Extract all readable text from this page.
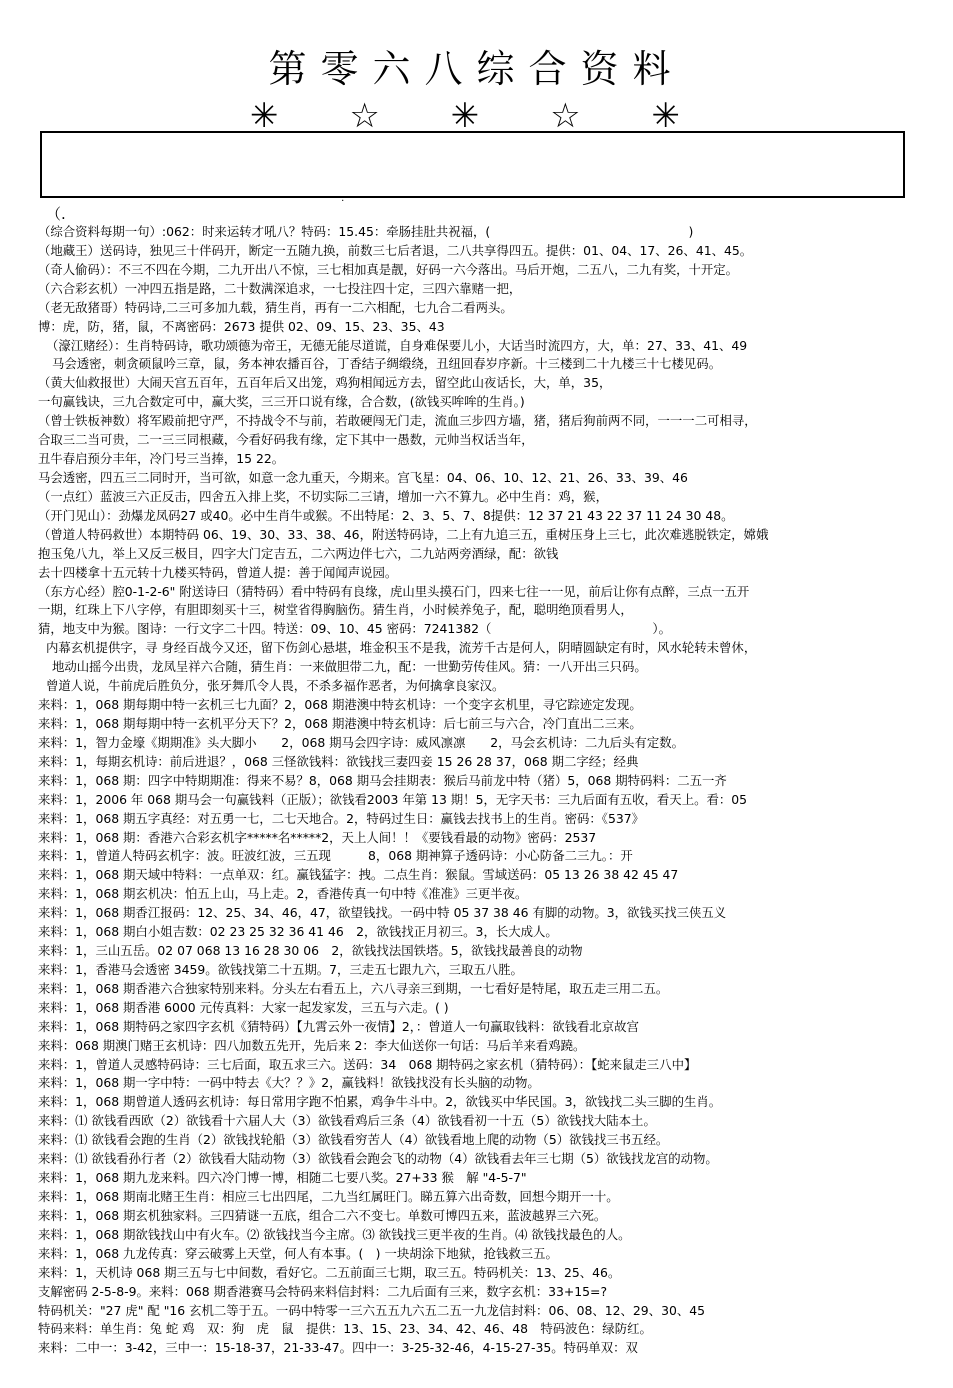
第零六八综合资料
✳ ☆ ✳ ☆ ✳
·.
（.
（综合资料每期一句）:062：时来运转才吼八？特码：15.45：牵肠挂肚共祝福，(　　　　　　　　　　　　　　　　)
（地藏王）送码诗，独见三十伴码开，断定一五随九换，前数三七后者退，二八共享得四五。提供：01、04、17、26、41、45。
（奇人偷码）：不三不四在今期，二九开出八不惊，三七相加真是靓，好码一六今落出。马后开炮，二五八，二九有奖，十开定。
（六合彩玄机）一冲四五指是路，二十数满深追求，一七投注四十定，三四六靠赌一把，
（老无敌猪哥）特码诗,二三可多加九载，猜生肖，再有一二六相配，七九合二看两头。
博：虎，防，猪，鼠，不离密码：2673 提供 02、09、15、23、35、43
（濠江赌经）：生肖特码诗，歌功颂德为帝王，无德无能尽道谎，自身难保要儿小，大话当时流四方，大，单：27、33、41、49
马会透密，刺贪硕鼠吟三章，鼠，务本神农播百谷，丁香结子绸缎绕，丑纽回春岁序新。十三楼到二十九楼三十七楼见码。
（黄大仙救报世）大闹天宫五百年，五百年后又出笼，鸡狗相闻远方去，留空此山夜话长，大，单，35，
一句赢钱诀，三九合数定可中，赢大奖，三三开口说有缘，合合数，(欲钱买哞哞的生肖。)
（曾士铁板神数）将军殿前把守严，不持战令不与前，若敢硬闯无门走，流血三步四方墙，猪，猪后狗前两不同，一一一二可相寻，
合取三二当可贵，二一三三同根藏，今看好码我有缘，定下其中一愚数，元帅当权话当年，
丑牛春启预分丰年，冷门号三当捧，15 22。
马会透密，四五三二同时开，当可欲，如意一念九重天，今期来。宫飞星：04、06、10、12、21、26、33、39、46
（一点红）蓝波三六正反击，四舍五入排上奖，不切实际二三请，增加一六不算九。必中生肖：鸡，猴，
（开门见山）：劲爆龙凤码27 或40。必中生肖牛或猴。不出特尾：2、3、5、7、8提供：12 37 21 43 22 37 11 24 30 48。
（曾道人特码救世）本期特码 06、19、30、33、38、46，附送特码诗，二上有九追三五，重树压身上三七，此次难逃脱铁定，嫦娥
抱玉兔八九，举上又反三极目，四字大门定吉五，二六两边伴七六，二九站两旁酒绿，配：欲钱
去十四楼拿十五元转十九楼买特码，曾道人提：善于闻闻声说园。
（东方心经）腔0-1-2-6" 附送诗曰（猜特码）看中特码有良缘，虎山里头摸石门，四来七往一一见，前后让你有点醉，三点一五开
一期，红珠上下八字停，有胆即刻买十三，树堂省得胸脑伤。猜生肖，小时候养兔子，配，聪明绝顶看男人，
猜，地支中为猴。图诗：一行文字二十四。特送：09、10、45 密码：7241382（　　　　　　　　　　　　　）。
内幕玄机提供字，寻 身经百战今又还，留下伤剑心悬堪，堆金积玉不是我，流芳千古是何人，阴晴圆缺定有时，风水轮转未曾休，
地动山摇今出贵，龙凤呈祥六合随，猜生肖：一来做胆带二九，配：一世勤劳传佳风。猜：一八开出三只码。
曾道人说，牛前虎后胜负分，张牙舞爪令人畏，不杀多福作恶者，为何擒拿良家汉。
来料：1，068 期每期中特一玄机三七九面？2，068 期港澳中特玄机诗：一个变字玄机里，寻它踪迹定发现。
来料：1，068 期每期中特一玄机平分天下？2，068 期港澳中特玄机诗：后七前三与六合，冷门直出二三来。
来料：1，智力金壕《期期准》头大脚小　　2，068 期马会四字诗：威风凛凛　　2，马会玄机诗：二九后头有定数。
来料：1，每期玄机诗：前后进退？，068 三怪欲钱料：欲钱找三妻四妾 15 26 28 37，068 期二字经；经典
来料：1，068 期：四字中特期期准：得来不易？8，068 期马会挂期表：猴后马前龙中特（猪）5，068 期特码料：二五一齐
来料：1，2006 年 068 期马会一句赢钱料（正版）；欲钱看2003 年第 13 期！5，无字天书：三九后面有五收，看天上。看：05
来料：1，068 期五字真经：对五勇一七，二七天地合。2，特码过生日：赢钱去找书上的生肖。密码：《537》
来料：1，068 期：香港六合彩玄机字*****名*****2，天上人间！！《要钱看最的动物》密码：2537
来料：1，曾道人特码玄机字：波。旺波红波，三五现　　　8，068 期神算子透码诗：小心防备二三九。：开
来料：1，068 期天域中特料：一点单双：红。赢钱猛字：拽。二点生肖：猴鼠。雪域送码：05 13 26 38 42 45 47
来料：1，068 期玄机决：怕五上山，马上走。2，香港传真一句中特《准准》三更半夜。
来料：1，068 期香江报码：12、25、34、46，47，欲望钱找。一码中特 05 37 38 46 有脚的动物。3，欲钱买找三侠五义
来料：1，068 期白小姐吉数：02 23 25 32 36 41 46　2，欲钱找正月初三。3，长大成人。
来料：1，三山五岳。02 07 068 13 16 28 30 06　2，欲钱找法国铁塔。5，欲钱找最善良的动物
来料：1，香港马会透密 3459。欲钱找第二十五期。7，三走五七跟九六，三取五八胜。
来料：1，068 期香港六合独家特别来料。分头左右看五上，六八寻亲三到期，一七看好是特尾，取五走三用二五。
来料：1，068 期香港 6000 元传真料：大家一起发家发，三五与六走。( )
来料：1，068 期特码之家四字玄机《猜特码）【九霄云外一夜情】2，：曾道人一句赢取钱料：欲钱看北京故宫
来料：068 期澳门赌王玄机诗：四八加数五先开，先后来 2：李大仙送你一句话：马后羊来看鸡蹺。
来料：1，曾道人灵感特码诗：三七后面，取五求三六。送码：34　068 期特码之家玄机（猜特码）：【蛇来鼠走三八中】
来料：1，068 期一字中特：一码中特去《大？？》2，赢钱料！欲钱找没有长头脑的动物。
来料：1，068 期曾道人透码玄机诗：每日常用字跑不怕累，鸡争牛斗中。2，欲钱买中华民国。3，欲钱找二头三脚的生肖。
来料：⑴ 欲钱看西欧（2）欲钱看十六届人大（3）欲钱看鸡后三条（4）欲钱看初一十五（5）欲钱找大陆本土。
来料：⑴ 欲钱看会跑的生肖（2）欲钱找轮船（3）欲钱看穷苦人（4）欲钱看地上爬的动物（5）欲钱找三书五经。
来料：⑴ 欲钱看孙行者（2）欲钱看大陆动物（3）欲钱看会跑会飞的动物（4）欲钱看去年三七期（5）欲钱找龙宫的动物。
来料：1，068 期九龙来料。四六冷门博一博，相随二七要八奖。27+33 猴　解 "4-5-7"
来料：1，068 期南北赌王生肖：相应三七出四尾，二九当红属旺门。睇五算六出奇数，回想今期开一十。
来料：1，068 期玄机独家料。三四猜谜一五底，组合二六不变七。单数可博四五来，蓝波越界三六死。
来料：1，068 期欲钱找山中有火车。⑵ 欲钱找当今主席。⑶ 欲钱找三更半夜的生肖。⑷ 欲钱找最色的人。
来料：1，068 九龙传真：穿云破雾上天堂，何人有本事。(　) 一块胡涂下地狱，抢钱救三五。
来料：1，天机诗 068 期三五与七中间数，看好它。二五前面三七期，取三五。特码机关：13、25、46。
支解密码 2-5-8-9。来料：068 期香港赛马会特码来料信封料：二九后面有三来，数字玄机：33+15=?
特码机关："27 虎" 配 "16 玄机二等于五。一码中特零一三六五五九六五二五一九龙信封料：06、08、12、29、30、45
特码来料：单生肖：兔 蛇 鸡　双：狗　虎　鼠　提供：13、15、23、34、42、46、48　特码波色：绿防红。
来料：二中一：3-42，三中一：15-18-37，21-33-47。四中一：3-25-32-46，4-15-27-35。特码单双：双
